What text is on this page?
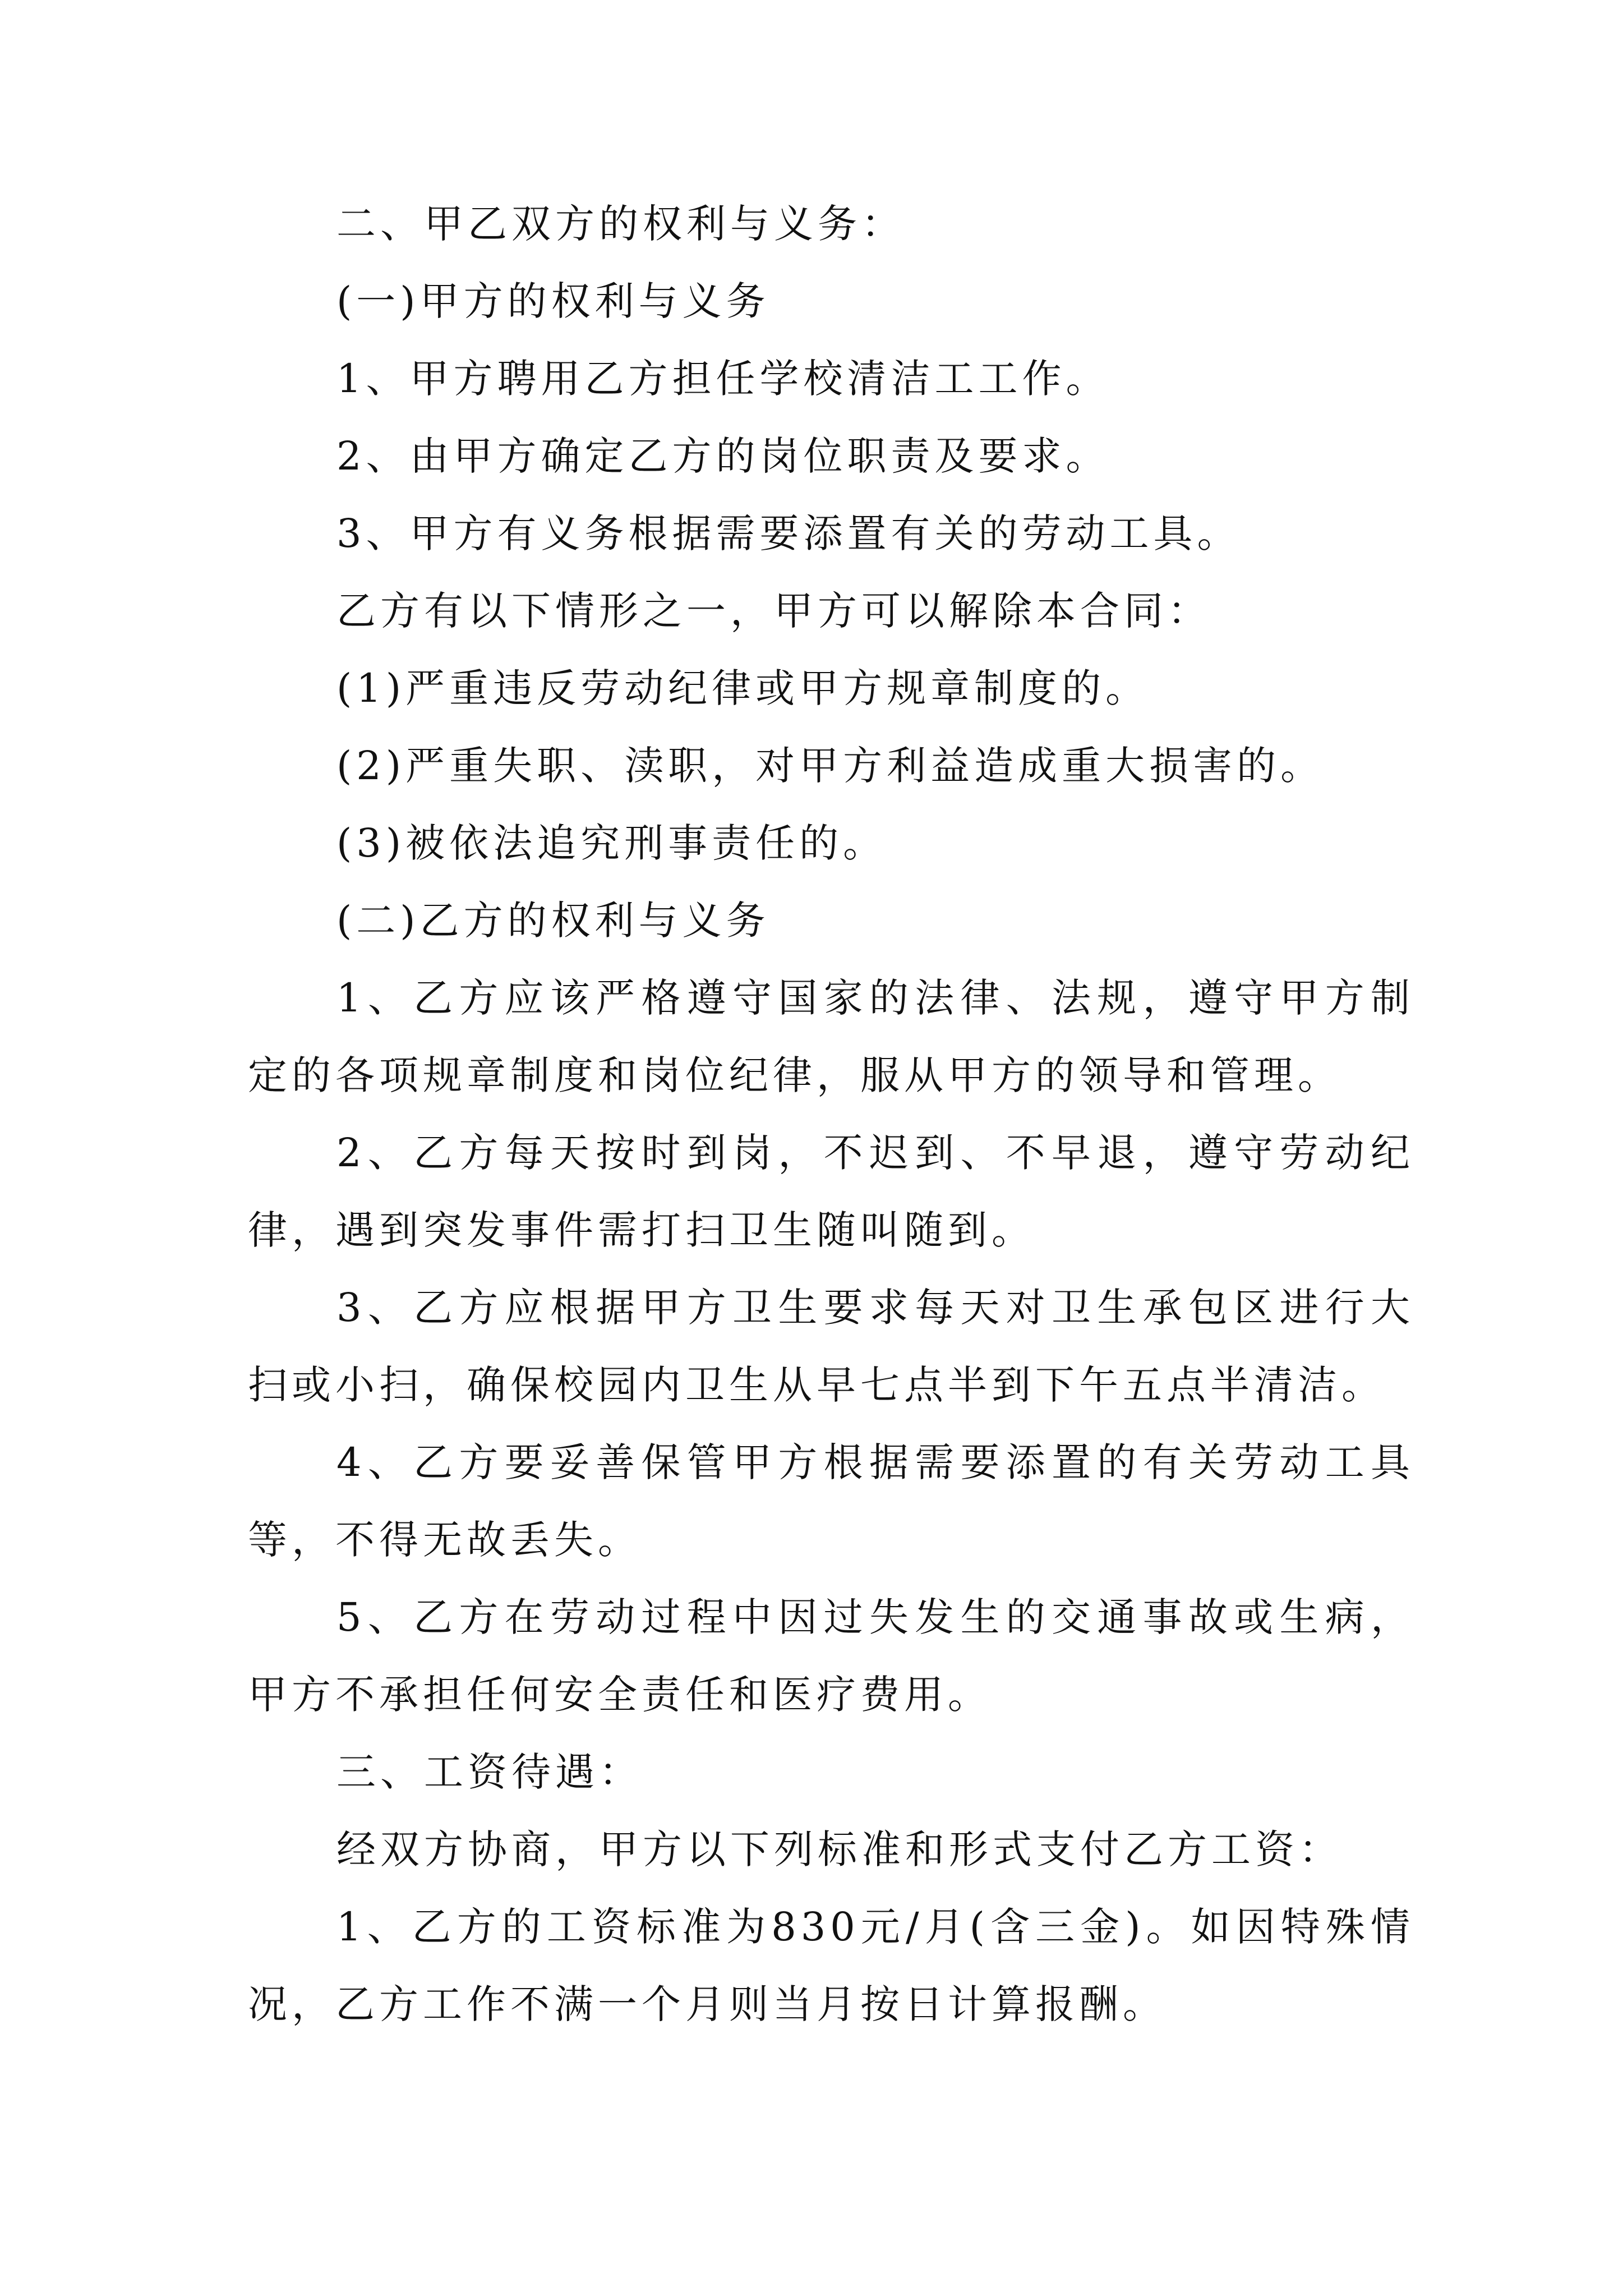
二、甲乙双方的权利与义务：

(一)甲方的权利与义务

1、甲方聘用乙方担任学校清洁工工作。

2、由甲方确定乙方的岗位职责及要求。

3、甲方有义务根据需要添置有关的劳动工具。

乙方有以下情形之一，甲方可以解除本合同：

(1)严重违反劳动纪律或甲方规章制度的。

(2)严重失职、渎职，对甲方利益造成重大损害的。

(3)被依法追究刑事责任的。

(二)乙方的权利与义务

1、乙方应该严格遵守国家的法律、法规，遵守甲方制定的各项规章制度和岗位纪律，服从甲方的领导和管理。

2、乙方每天按时到岗，不迟到、不早退，遵守劳动纪律，遇到突发事件需打扫卫生随叫随到。

3、乙方应根据甲方卫生要求每天对卫生承包区进行大扫或小扫，确保校园内卫生从早七点半到下午五点半清洁。

4、乙方要妥善保管甲方根据需要添置的有关劳动工具等，不得无故丢失。

5、乙方在劳动过程中因过失发生的交通事故或生病，甲方不承担任何安全责任和医疗费用。

三、工资待遇：

经双方协商，甲方以下列标准和形式支付乙方工资：

1、乙方的工资标准为830元/月(含三金)。如因特殊情况，乙方工作不满一个月则当月按日计算报酬。
